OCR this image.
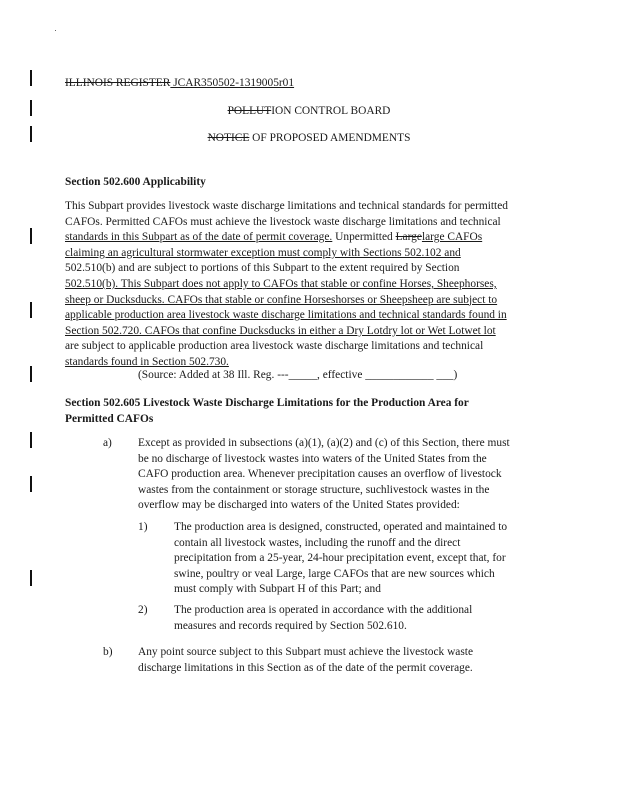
ILLINOIS REGISTER JCAR350502-1319005r01
POLLUTION CONTROL BOARD
NOTICE OF PROPOSED AMENDMENTS
Section 502.600 Applicability
This Subpart provides livestock waste discharge limitations and technical standards for permitted
CAFOs. Permitted CAFOs must achieve the livestock waste discharge limitations and technical
standards in this Subpart as of the date of permit coverage. Unpermitted Largelarge CAFOs
claiming an agricultural stormwater exception must comply with Sections 502.102 and
502.510(b) and are subject to portions of this Subpart to the extent required by Section
502.510(b). This Subpart does not apply to CAFOs that stable or confine Horses, Sheephorses,
sheep or Ducksducks. CAFOs that stable or confine Horseshorses or Sheepsheep are subject to
applicable production area livestock waste discharge limitations and technical standards found in
Section 502.720. CAFOs that confine Ducksducks in either a Dry Lotdry lot or Wet Lotwet lot
are subject to applicable production area livestock waste discharge limitations and technical
standards found in Section 502.730.
(Source: Added at 38 Ill. Reg. ---_____, effective ____________ ___)
Section 502.605 Livestock Waste Discharge Limitations for the Production Area for
Permitted CAFOs
a) Except as provided in subsections (a)(1), (a)(2) and (c) of this Section, there must
be no discharge of livestock wastes into waters of the United States from the
CAFO production area. Whenever precipitation causes an overflow of livestock
wastes from the containment or storage structure, suchlivestock wastes in the
overflow may be discharged into waters of the United States provided:
1) The production area is designed, constructed, operated and maintained to
contain all livestock wastes, including the runoff and the direct
precipitation from a 25-year, 24-hour precipitation event, except that, for
swine, poultry or veal Large, large CAFOs that are new sources which
must comply with Subpart H of this Part; and
2) The production area is operated in accordance with the additional
measures and records required by Section 502.610.
b) Any point source subject to this Subpart must achieve the livestock waste
discharge limitations in this Section as of the date of the permit coverage.
